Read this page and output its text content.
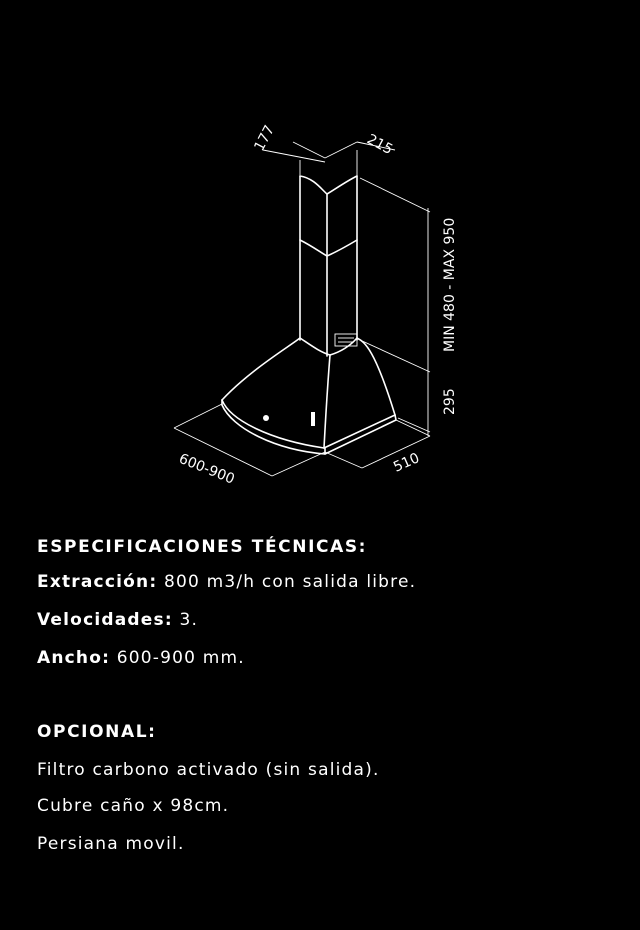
177	215
MIN 480 - MAX 950
295
600-900	510
ESPECIFICACIONES TÉCNICAS:
Extracción: 800 m3/h con salida libre.
Velocidades: 3.
Ancho: 600-900 mm.
OPCIONAL:
Filtro carbono activado (sin salida).
Cubre caño x 98cm.
Persiana movil.
